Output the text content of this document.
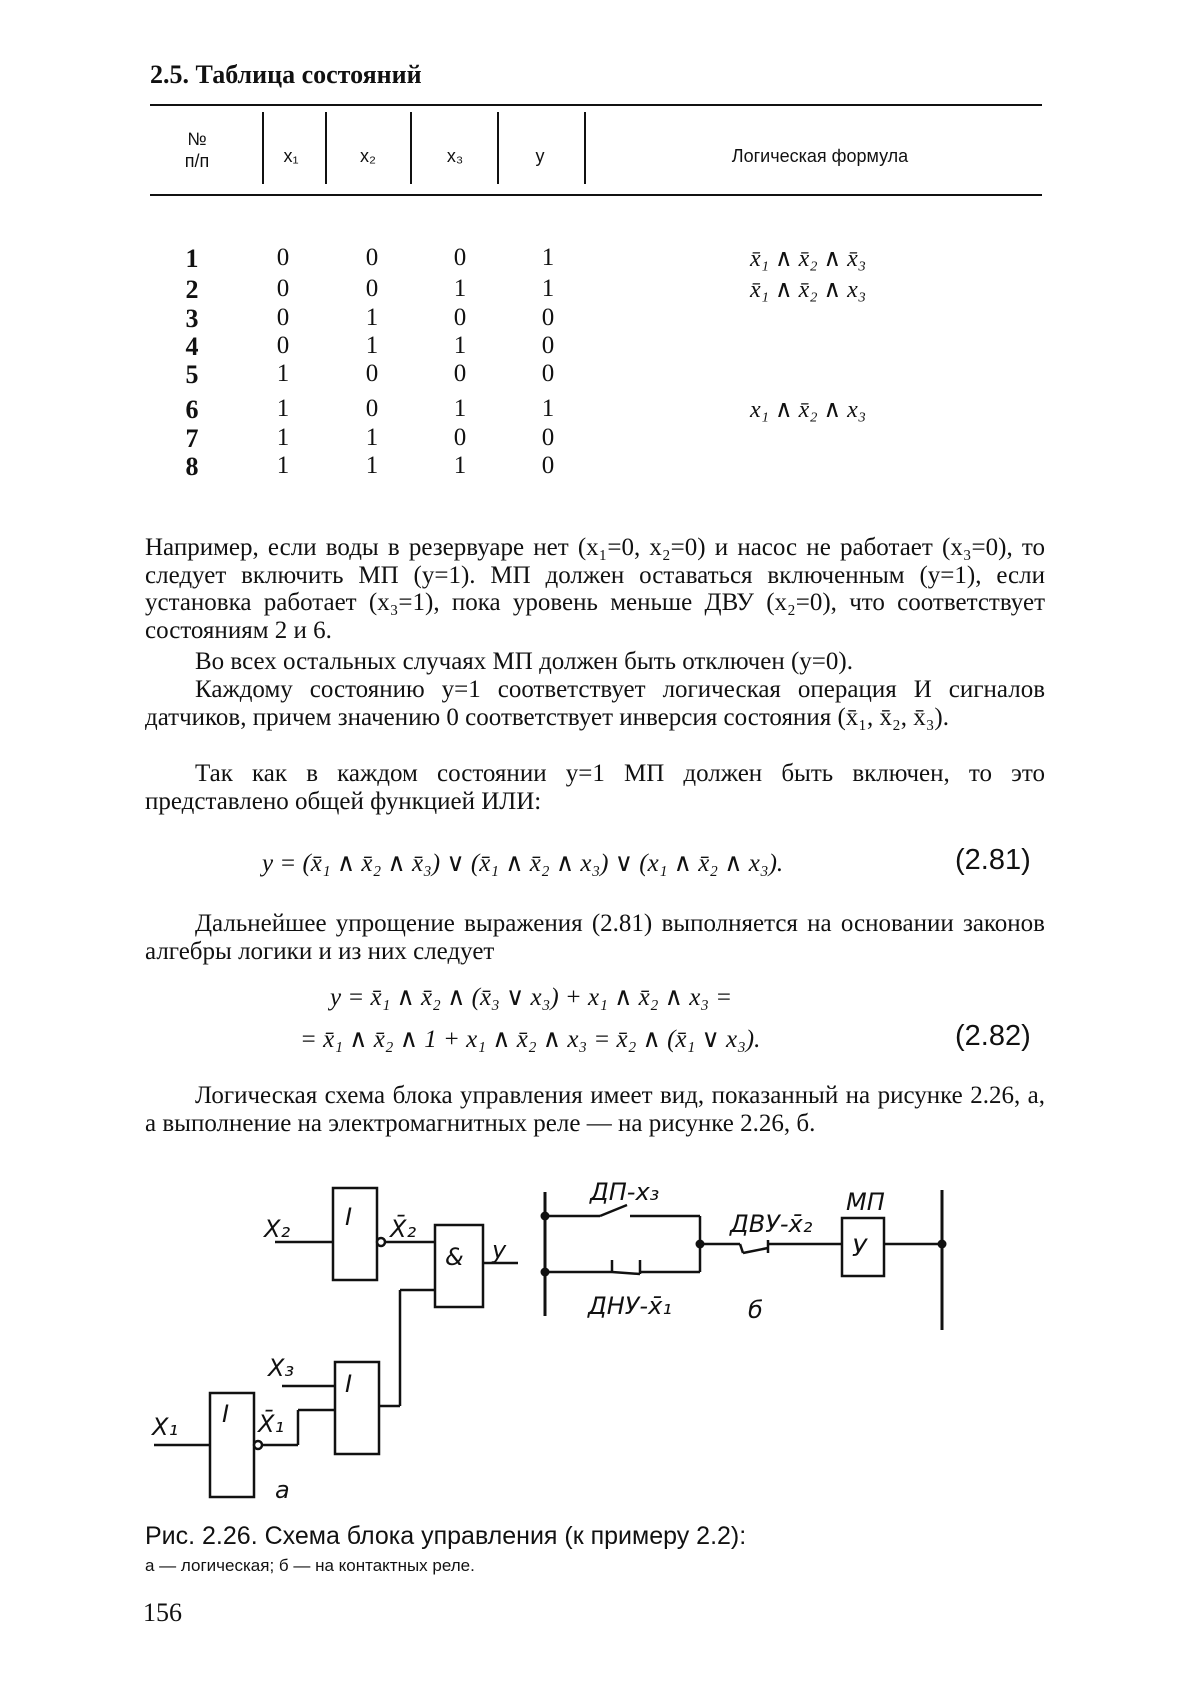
2.5. Таблица состояний
№
п/п	x₁	x₂	x₃	y	Логическая формула
1	0	0	0	1	x̄₁ ∧ x̄₂ ∧ x̄₃
2	0	0	1	1	x̄₁ ∧ x̄₂ ∧ x₃
3	0	1	0	0
4	0	1	1	0
5	1	0	0	0
6	1	0	1	1	x₁ ∧ x̄₂ ∧ x₃
7	1	1	0	0
8	1	1	1	0
Например, если воды в резервуаре нет (x₁=0, x₂=0) и насос не работает (x₃=0), то следует включить МП (y=1). МП должен оставаться включенным (y=1), если установка работает (x₃=1), пока уровень меньше ДВУ (x₂=0), что соответствует состояниям 2 и 6.
Во всех остальных случаях МП должен быть отключен (y=0).
Каждому состоянию y=1 соответствует логическая операция И сигналов датчиков, причем значению 0 соответствует инверсия состояния (x̄₁, x̄₂, x̄₃).
Так как в каждом состоянии y=1 МП должен быть включен, то это представлено общей функцией ИЛИ:
y = (x̄₁ ∧ x̄₂ ∧ x̄₃) ∨ (x̄₁ ∧ x̄₂ ∧ x₃) ∨ (x₁ ∧ x̄₂ ∧ x₃).	(2.81)
Дальнейшее упрощение выражения (2.81) выполняется на основании законов алгебры логики и из них следует
y = x̄₁ ∧ x̄₂ ∧ (x̄₃ ∨ x₃) + x₁ ∧ x̄₂ ∧ x₃ =
= x̄₁ ∧ x̄₂ ∧ 1 + x₁ ∧ x̄₂ ∧ x₃ = x̄₂ ∧ (x̄₁ ∨ x₃).	(2.82)
Логическая схема блока управления имеет вид, показанный на рисунке 2.26, а, а выполнение на электромагнитных реле — на рисунке 2.26, б.
X₂ I X̄₂
& y
X₃
I
X₁ I X̄₁
a
ДП-x₃
ДВУ-x̄₂
МП
У
ДНУ-x̄₁	б
Рис. 2.26. Схема блока управления (к примеру 2.2):
а — логическая; б — на контактных реле.
156
